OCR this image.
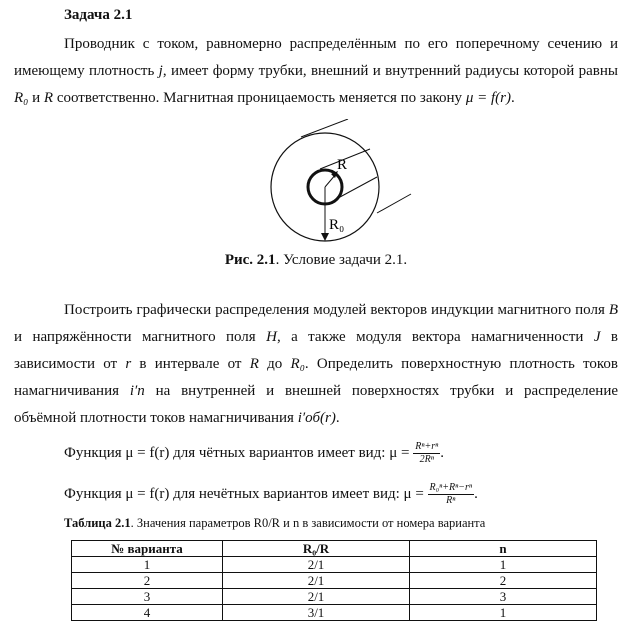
Задача 2.1
Проводник с током, равномерно распределённым по его поперечному сечению и имеющему плотность j, имеет форму трубки, внешний и внутренний радиусы которой равны R₀ и R соответственно. Магнитная проницаемость меняется по закону μ = f(r).
R
R₀
Рис. 2.1. Условие задачи 2.1.
Построить графически распределения модулей векторов индукции магнитного поля B и напряжённости магнитного поля H, а также модуля вектора намагниченности J в зависимости от r в интервале от R до R₀. Определить поверхностную плотность токов намагничивания i′п на внутренней и внешней поверхностях трубки и распределение объёмной плотности токов намагничивания i′об(r).
Функция μ = f(r) для чётных вариантов имеет вид: $\mu = \frac{\text{Rⁿ+rⁿ}}{\text{2Rⁿ}}$ .
Функция μ = f(r) для нечётных вариантов имеет вид: $\mu = \frac{\text{R₀ⁿ+Rⁿ−rⁿ}}{\text{Rⁿ}}$ .
Таблица 2.1. Значения параметров R0/R и n в зависимости от номера варианта
№ варианта	R₀/R	n
1	2/1	1
2	2/1	2
3	2/1	3
4	3/1	1
